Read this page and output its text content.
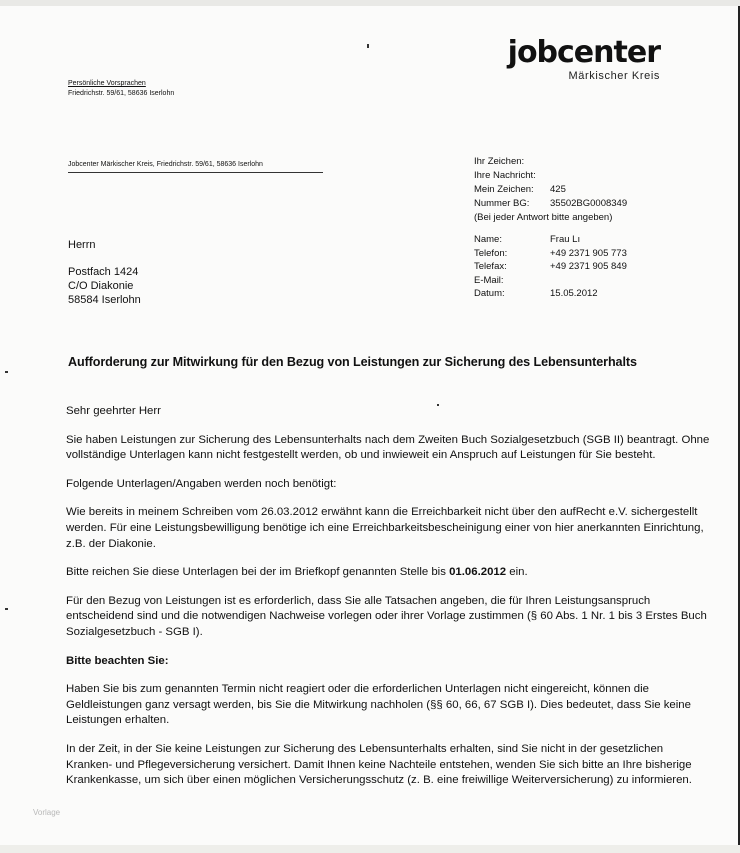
jobcenter
Märkischer Kreis
Persönliche Vorsprachen
Friedrichstr. 59/61, 58636 Iserlohn
Jobcenter Märkischer Kreis, Friedrichstr. 59/61, 58636 Iserlohn	Ihr Zeichen:
Ihre Nachricht:
Mein Zeichen:	425
Nummer BG:	35502BG0008349
(Bei jeder Antwort bitte angeben)
Name:	Frau Lı
Telefon:	+49 2371 905 773
Telefax:	+49 2371 905 849
E-Mail:
Datum:	15.05.2012
Herrn
Postfach 1424
C/O Diakonie
58584 Iserlohn
Aufforderung zur Mitwirkung für den Bezug von Leistungen zur Sicherung des Lebensunterhalts

Sehr geehrter Herr

Sie haben Leistungen zur Sicherung des Lebensunterhalts nach dem Zweiten Buch Sozialgesetzbuch (SGB II) beantragt. Ohne vollständige Unterlagen kann nicht festgestellt werden, ob und inwieweit ein Anspruch auf Leistungen für Sie besteht.

Folgende Unterlagen/Angaben werden noch benötigt:

Wie bereits in meinem Schreiben vom 26.03.2012 erwähnt kann die Erreichbarkeit nicht über den aufRecht e.V. sichergestellt werden. Für eine Leistungsbewilligung benötige ich eine Erreichbarkeitsbescheinigung einer von hier anerkannten Einrichtung, z.B. der Diakonie.

Bitte reichen Sie diese Unterlagen bei der im Briefkopf genannten Stelle bis 01.06.2012 ein.

Für den Bezug von Leistungen ist es erforderlich, dass Sie alle Tatsachen angeben, die für Ihren Leistungsanspruch entscheidend sind und die notwendigen Nachweise vorlegen oder ihrer Vorlage zustimmen (§ 60 Abs. 1 Nr. 1 bis 3 Erstes Buch Sozialgesetzbuch - SGB I).

Bitte beachten Sie:

Haben Sie bis zum genannten Termin nicht reagiert oder die erforderlichen Unterlagen nicht eingereicht, können die Geldleistungen ganz versagt werden, bis Sie die Mitwirkung nachholen (§§ 60, 66, 67 SGB I). Dies bedeutet, dass Sie keine Leistungen erhalten.

In der Zeit, in der Sie keine Leistungen zur Sicherung des Lebensunterhalts erhalten, sind Sie nicht in der gesetzlichen Kranken- und Pflegeversicherung versichert. Damit Ihnen keine Nachteile entstehen, wenden Sie sich bitte an Ihre bisherige Krankenkasse, um sich über einen möglichen Versicherungsschutz (z. B. eine freiwillige Weiterversicherung) zu informieren.

Vorlage
